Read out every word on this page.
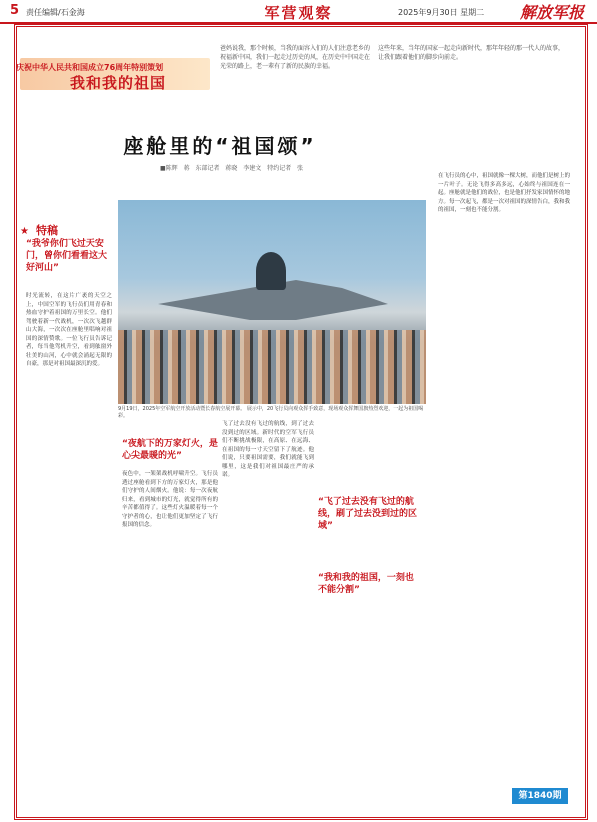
5 责任编辑/石金海	军营观察	2025年9月30日 星期二 解放军报
庆祝中华人民共和国成立76周年特别策划
我和我的祖国
爸妈说我，那个时候，当我的面容入们的人们注意老乡的祝福新中国，我们一起走过历史的风，在历史中中国走在光荣的路上，老一辈有了新的民族的幸福。
这些年来，当年的国家一起走向新时代，那年年轻的那一代人的故事，让我们跟着他们的脚步向前走。
座舱里的“祖国颂”
■陈辉 蒋 东部记者 蒋晓 李建文 特约记者 张
★ 特稿
9月19日，2025年空军航空开放活动暨长春航空展开幕。 展示中，20飞行员向观众挥手致意，现场观众挥舞国旗热烈欢迎，一起为祖国喝彩。
“我爷你们飞过天安门，曾你们看看这大好河山”
时光流转，在这片广袤的天空之上，中国空军的飞行员们用青春和热血守护着祖国的万里长空。他们驾驶着新一代战机，一次次飞越群山大海，一次次在座舱里唱响对祖国的深情赞歌。一位飞行员告诉记者，每当他驾机升空，看到舷窗外壮美的山河，心中就会涌起无限的自豪，那是对祖国最深沉的爱。
“夜航下的万家灯火，是心尖最暖的光”
夜色中，一架架战机呼啸升空。飞行员透过座舱看到下方的万家灯火，那是他们守护的人间烟火。他说：每一次夜航归来，看到城市的灯光，就觉得所有的辛苦都值得了。这些灯火温暖着每一个守护者的心，也让他们更加坚定了飞行报国的信念。
“飞了过去没有飞过的航线，刷了过去没到过的区域”
飞了过去没有飞过的航线，到了过去没到过的区域。新时代的空军飞行员们不断挑战极限，在高原、在远海、在祖国的每一寸天空留下了航迹。他们说，只要祖国需要，我们就能飞到哪里，这是我们对祖国最庄严的承诺。
“我和我的祖国，一刻也不能分割”
在飞行员的心中，祖国就像一棵大树，而他们是树上的一片叶子。无论飞得多高多远，心始终与祖国连在一起。座舱就是他们的战位，也是他们抒发家国情怀的地方。每一次起飞，都是一次对祖国的深情告白，我和我的祖国，一刻也不能分割。
第1840期
